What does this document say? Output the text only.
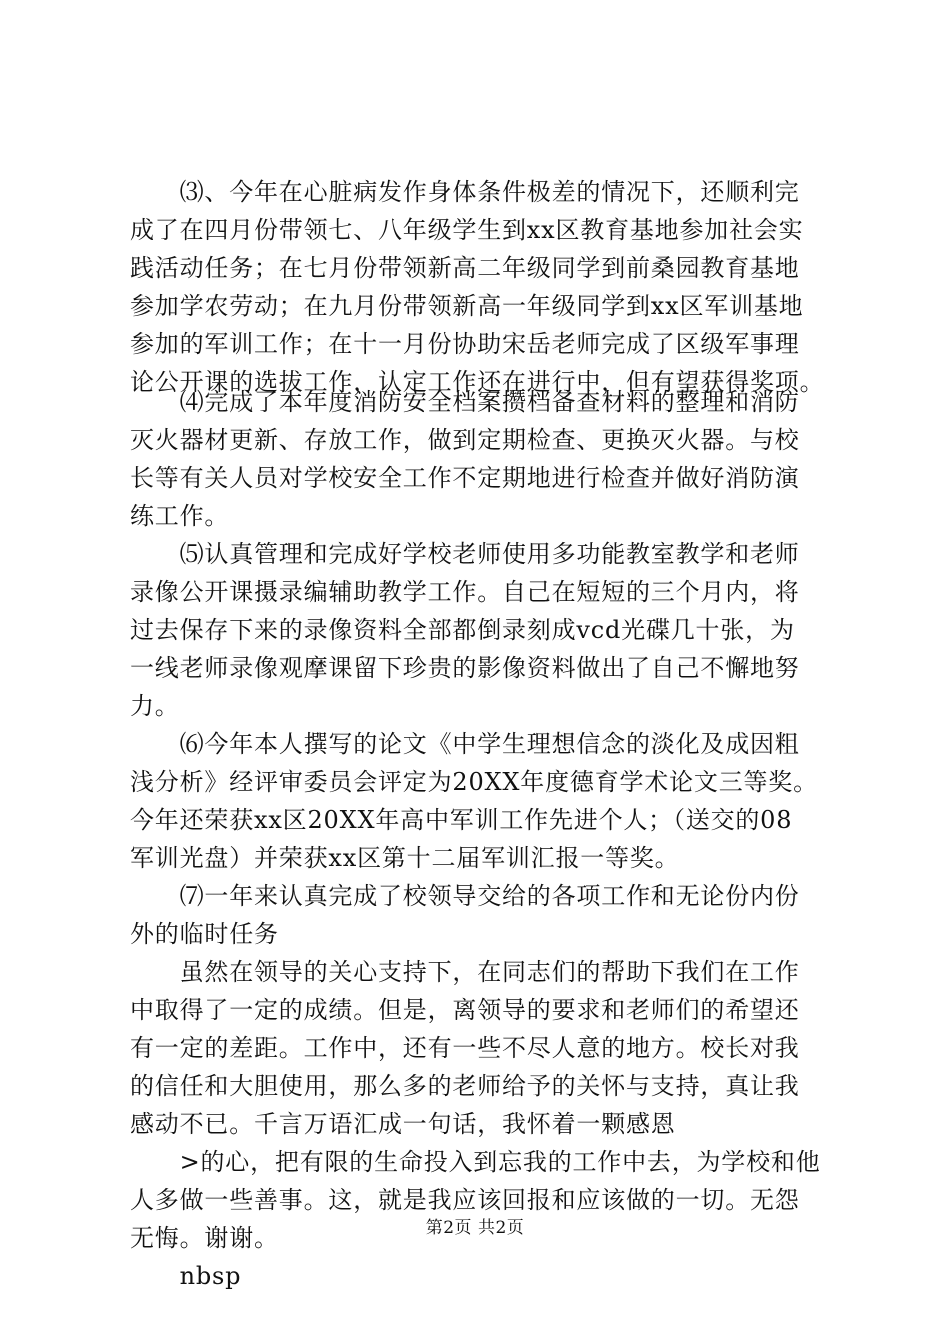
　　⑶、今年在心脏病发作身体条件极差的情况下，还顺利完
成了在四月份带领七、八年级学生到xx区教育基地参加社会实
践活动任务；在七月份带领新高二年级同学到前桑园教育基地
参加学农劳动；在九月份带领新高一年级同学到xx区军训基地
参加的军训工作；在十一月份协助宋岳老师完成了区级军事理
论公开课的选拔工作，认定工作还在进行中，但有望获得奖项。

　　⑷完成了本年度消防安全档案攒档备查材料的整理和消防
灭火器材更新、存放工作，做到定期检查、更换灭火器。与校
长等有关人员对学校安全工作不定期地进行检查并做好消防演
练工作。

　　⑸认真管理和完成好学校老师使用多功能教室教学和老师
录像公开课摄录编辅助教学工作。自己在短短的三个月内，将
过去保存下来的录像资料全部都倒录刻成vcd光碟几十张，为
一线老师录像观摩课留下珍贵的影像资料做出了自己不懈地努
力。

　　⑹今年本人撰写的论文《中学生理想信念的淡化及成因粗
浅分析》经评审委员会评定为20XX年度德育学术论文三等奖。
今年还荣获xx区20XX年高中军训工作先进个人；（送交的08
军训光盘）并荣获xx区第十二届军训汇报一等奖。

　　⑺一年来认真完成了校领导交给的各项工作和无论份内份
外的临时任务

　　虽然在领导的关心支持下，在同志们的帮助下我们在工作
中取得了一定的成绩。但是，离领导的要求和老师们的希望还
有一定的差距。工作中，还有一些不尽人意的地方。校长对我
的信任和大胆使用，那么多的老师给予的关怀与支持，真让我
感动不已。千言万语汇成一句话，我怀着一颗感恩
　　>的心，把有限的生命投入到忘我的工作中去，为学校和他
人多做一些善事。这，就是我应该回报和应该做的一切。无怨
无悔。谢谢。
　　nbsp

第2页 共2页
